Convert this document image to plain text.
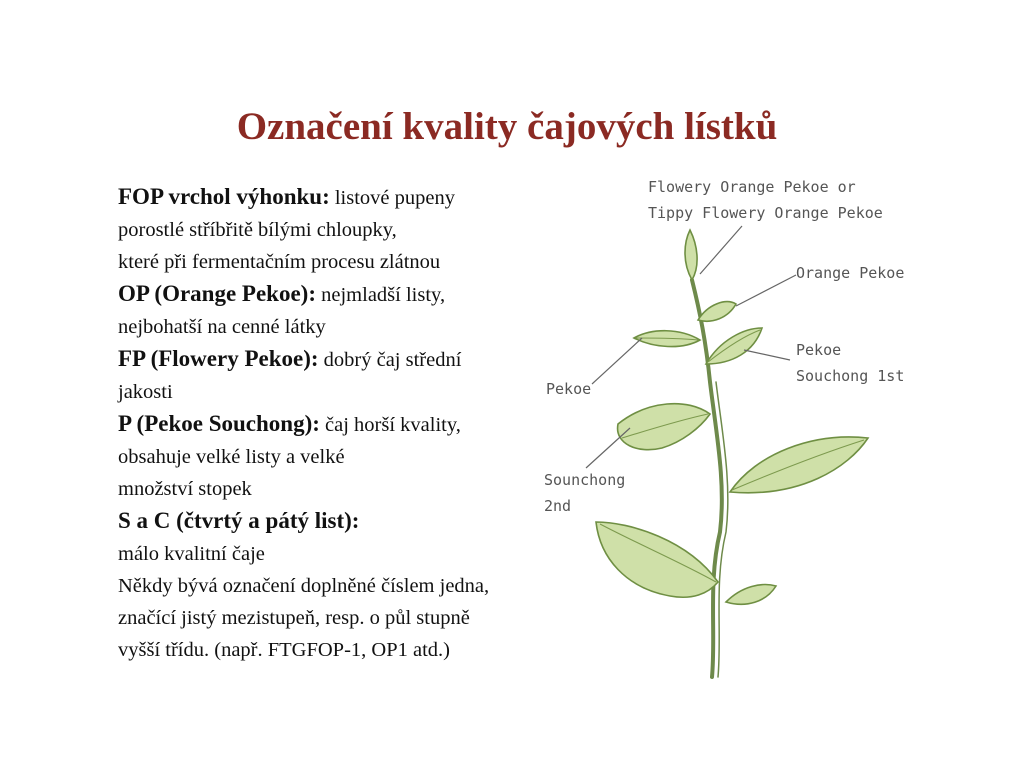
Označení kvality čajových lístků
FOP vrchol výhonku: listové pupeny
porostlé stříbřitě bílými chloupky,
které při fermentačním procesu zlátnou
OP (Orange Pekoe): nejmladší listy,
nejbohatší na cenné látky
FP (Flowery Pekoe): dobrý čaj střední
jakosti
P (Pekoe Souchong): čaj horší kvality,
obsahuje velké listy a velké
množství stopek
S a C (čtvrtý a pátý list):
málo kvalitní čaje
Někdy bývá označení doplněné číslem jedna,
značící jistý mezistupeň, resp. o půl stupně
vyšší třídu. (např. FTGFOP-1, OP1 atd.)
Flowery Orange Pekoe or
Tippy Flowery Orange Pekoe
Orange Pekoe
Pekoe
Souchong 1st
Pekoe
Sounchong
2nd
